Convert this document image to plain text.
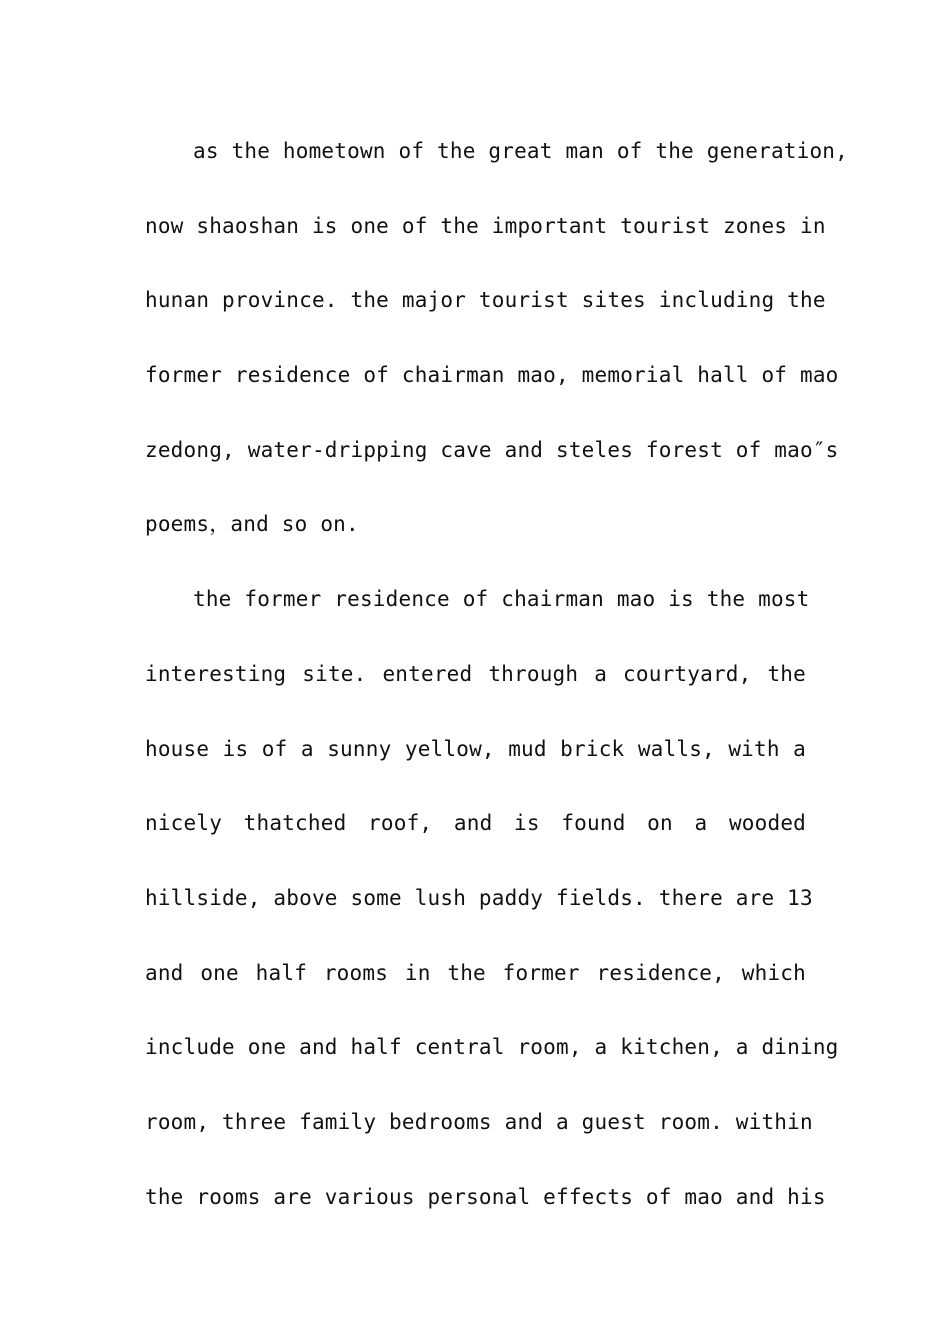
as the hometown of the great man of the generation,
now shaoshan is one of the important tourist zones in
hunan province. the major tourist sites including the
former residence of chairman mao, memorial hall of mao
zedong, water-dripping cave and steles forest of mao″s
poems，and so on.
the former residence of chairman mao is the most
interesting site. entered through a courtyard, the
house is of a sunny yellow, mud brick walls, with a
nicely thatched roof, and is found on a wooded
hillside, above some lush paddy fields. there are 13
and one half rooms in the former residence, which
include one and half central room, a kitchen, a dining
room, three family bedrooms and a guest room. within
the rooms are various personal effects of mao and his
